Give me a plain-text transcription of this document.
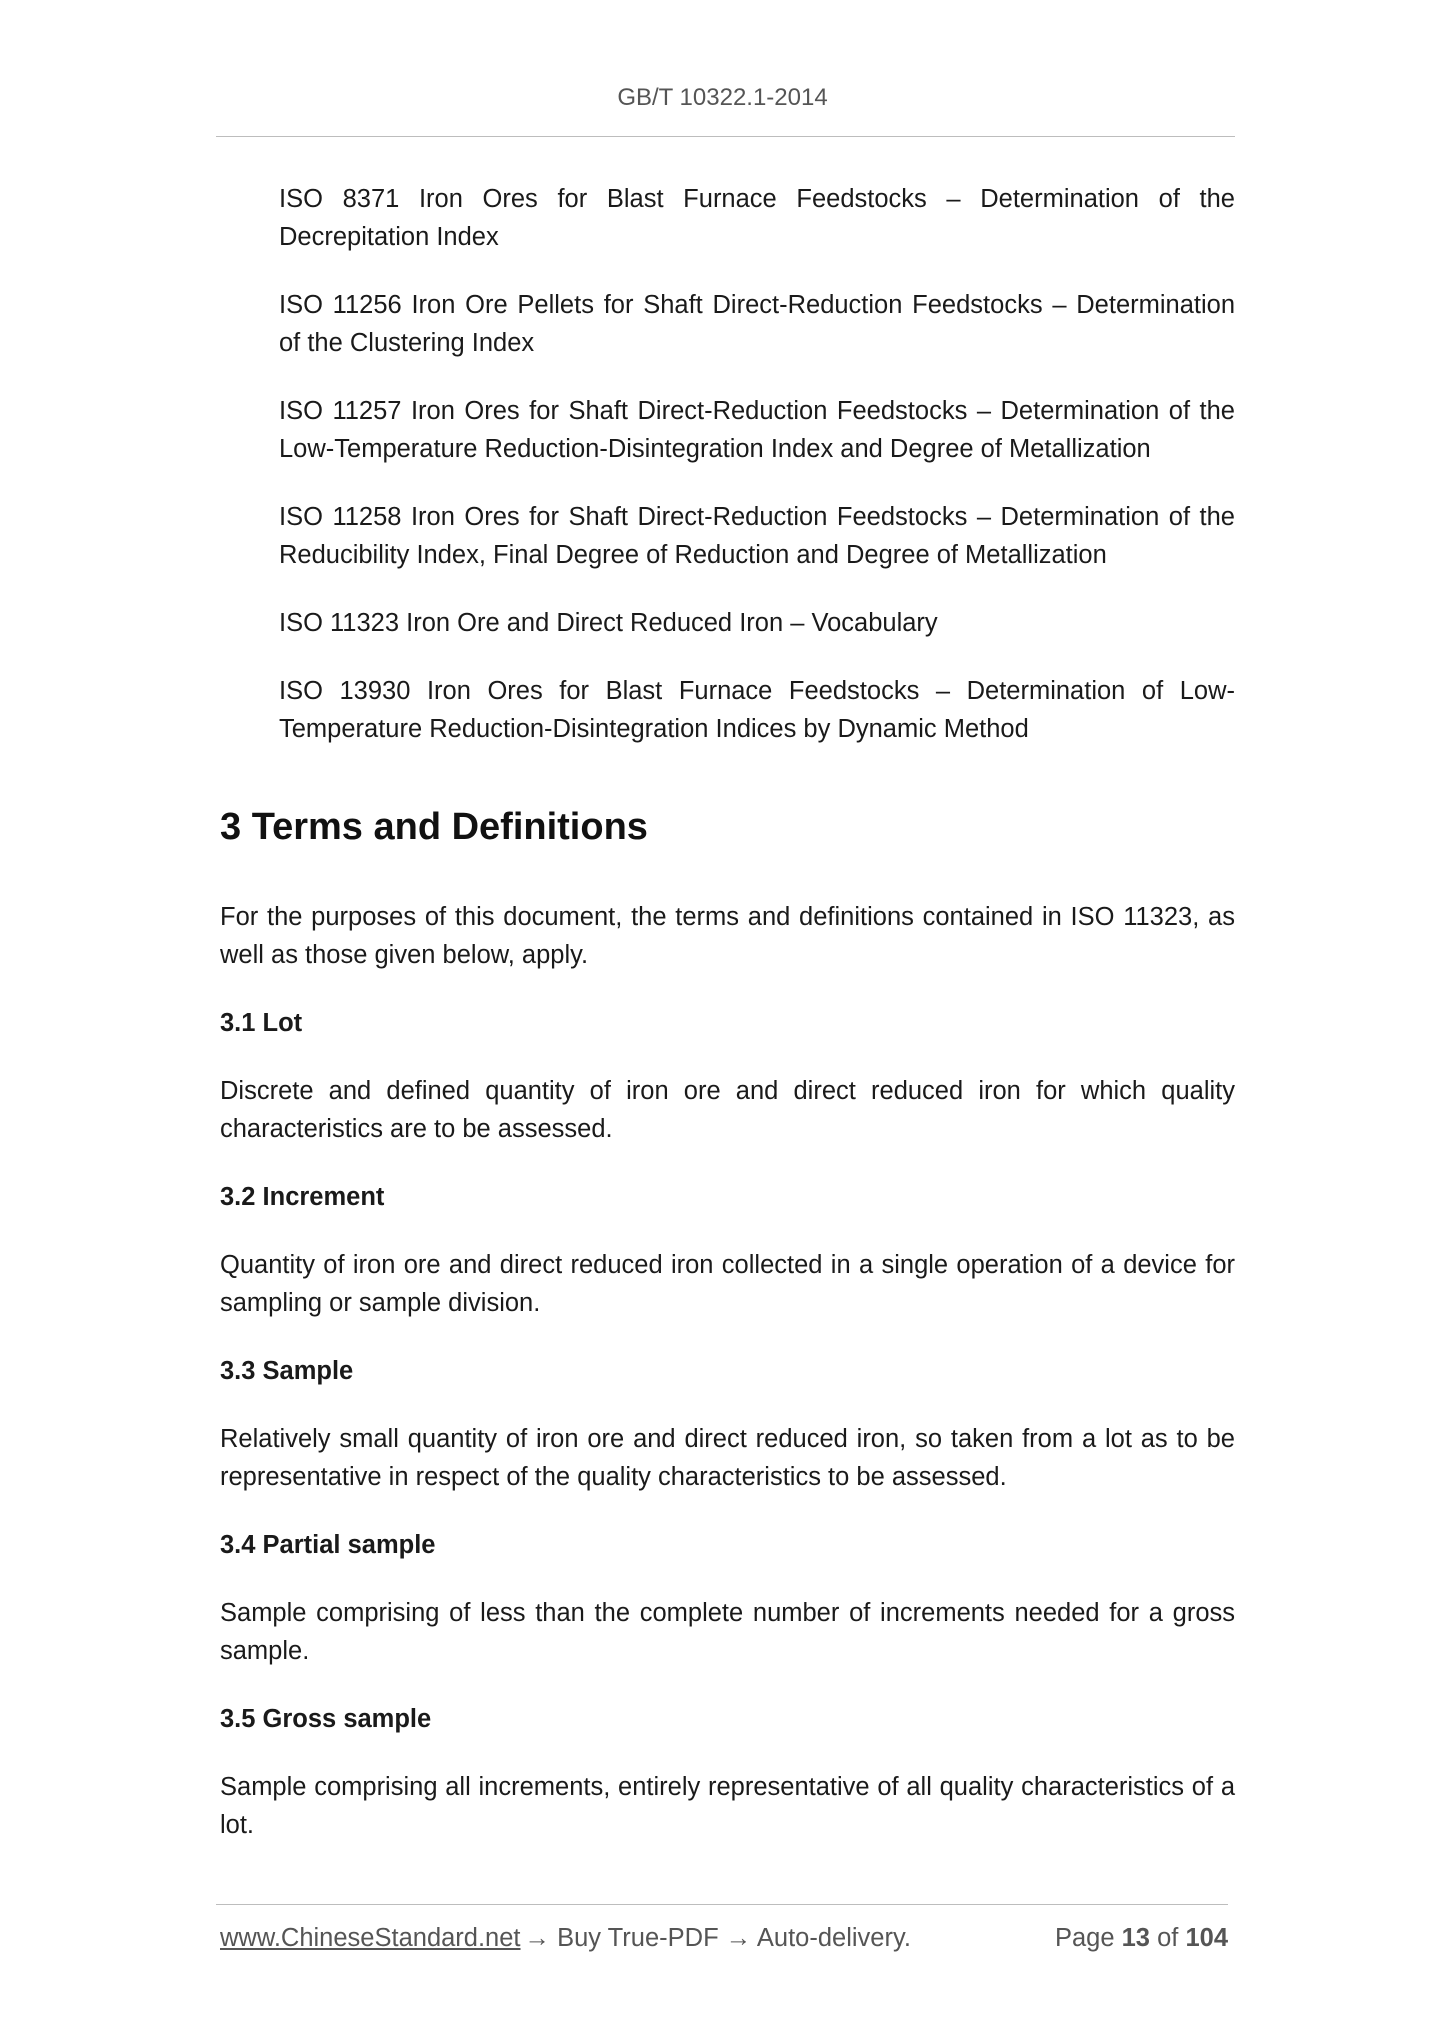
GB/T 10322.1-2014

ISO 8371 Iron Ores for Blast Furnace Feedstocks – Determination of the Decrepitation Index

ISO 11256 Iron Ore Pellets for Shaft Direct-Reduction Feedstocks – Determination of the Clustering Index

ISO 11257 Iron Ores for Shaft Direct-Reduction Feedstocks – Determination of the Low-Temperature Reduction-Disintegration Index and Degree of Metallization

ISO 11258 Iron Ores for Shaft Direct-Reduction Feedstocks – Determination of the Reducibility Index, Final Degree of Reduction and Degree of Metallization

ISO 11323 Iron Ore and Direct Reduced Iron – Vocabulary

ISO 13930 Iron Ores for Blast Furnace Feedstocks – Determination of Low-Temperature Reduction-Disintegration Indices by Dynamic Method

3 Terms and Definitions

For the purposes of this document, the terms and definitions contained in ISO 11323, as well as those given below, apply.

3.1 Lot

Discrete and defined quantity of iron ore and direct reduced iron for which quality characteristics are to be assessed.

3.2 Increment

Quantity of iron ore and direct reduced iron collected in a single operation of a device for sampling or sample division.

3.3 Sample

Relatively small quantity of iron ore and direct reduced iron, so taken from a lot as to be representative in respect of the quality characteristics to be assessed.

3.4 Partial sample

Sample comprising of less than the complete number of increments needed for a gross sample.

3.5 Gross sample

Sample comprising all increments, entirely representative of all quality characteristics of a lot.

www.ChineseStandard.net → Buy True-PDF → Auto-delivery.	Page 13 of 104
